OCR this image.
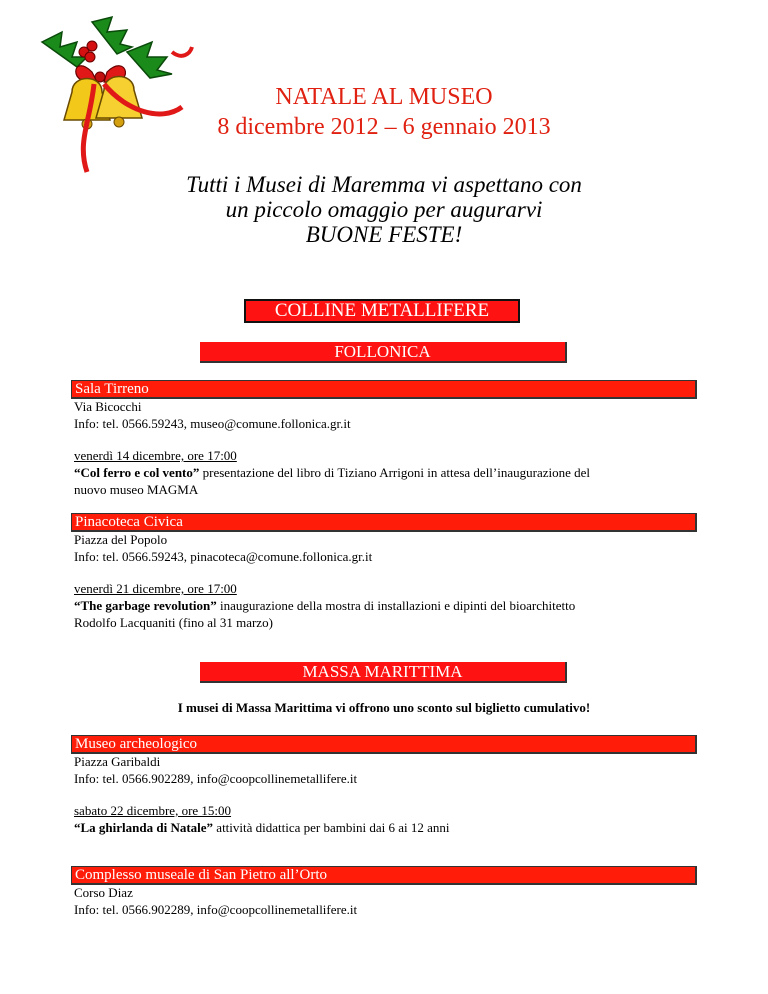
NATALE AL MUSEO
8 dicembre 2012 – 6 gennaio 2013
Tutti i Musei di Maremma vi aspettano con
un piccolo omaggio per augurarvi
BUONE FESTE!
COLLINE METALLIFERE
FOLLONICA
Sala Tirreno
Via Bicocchi
Info: tel. 0566.59243, museo@comune.follonica.gr.it
venerdì 14 dicembre, ore 17:00
“Col ferro e col vento” presentazione del libro di Tiziano Arrigoni in attesa dell’inaugurazione del
nuovo museo MAGMA
Pinacoteca Civica
Piazza del Popolo
Info: tel. 0566.59243, pinacoteca@comune.follonica.gr.it
venerdì 21 dicembre, ore 17:00
“The garbage revolution” inaugurazione della mostra di installazioni e dipinti del bioarchitetto
Rodolfo Lacquaniti (fino al 31 marzo)
MASSA MARITTIMA
I musei di Massa Marittima vi offrono uno sconto sul biglietto cumulativo!
Museo archeologico
Piazza Garibaldi
Info: tel. 0566.902289, info@coopcollinemetallifere.it
sabato 22 dicembre, ore 15:00
“La ghirlanda di Natale” attività didattica per bambini dai 6 ai 12 anni
Complesso museale di San Pietro all’Orto
Corso Diaz
Info: tel. 0566.902289, info@coopcollinemetallifere.it
